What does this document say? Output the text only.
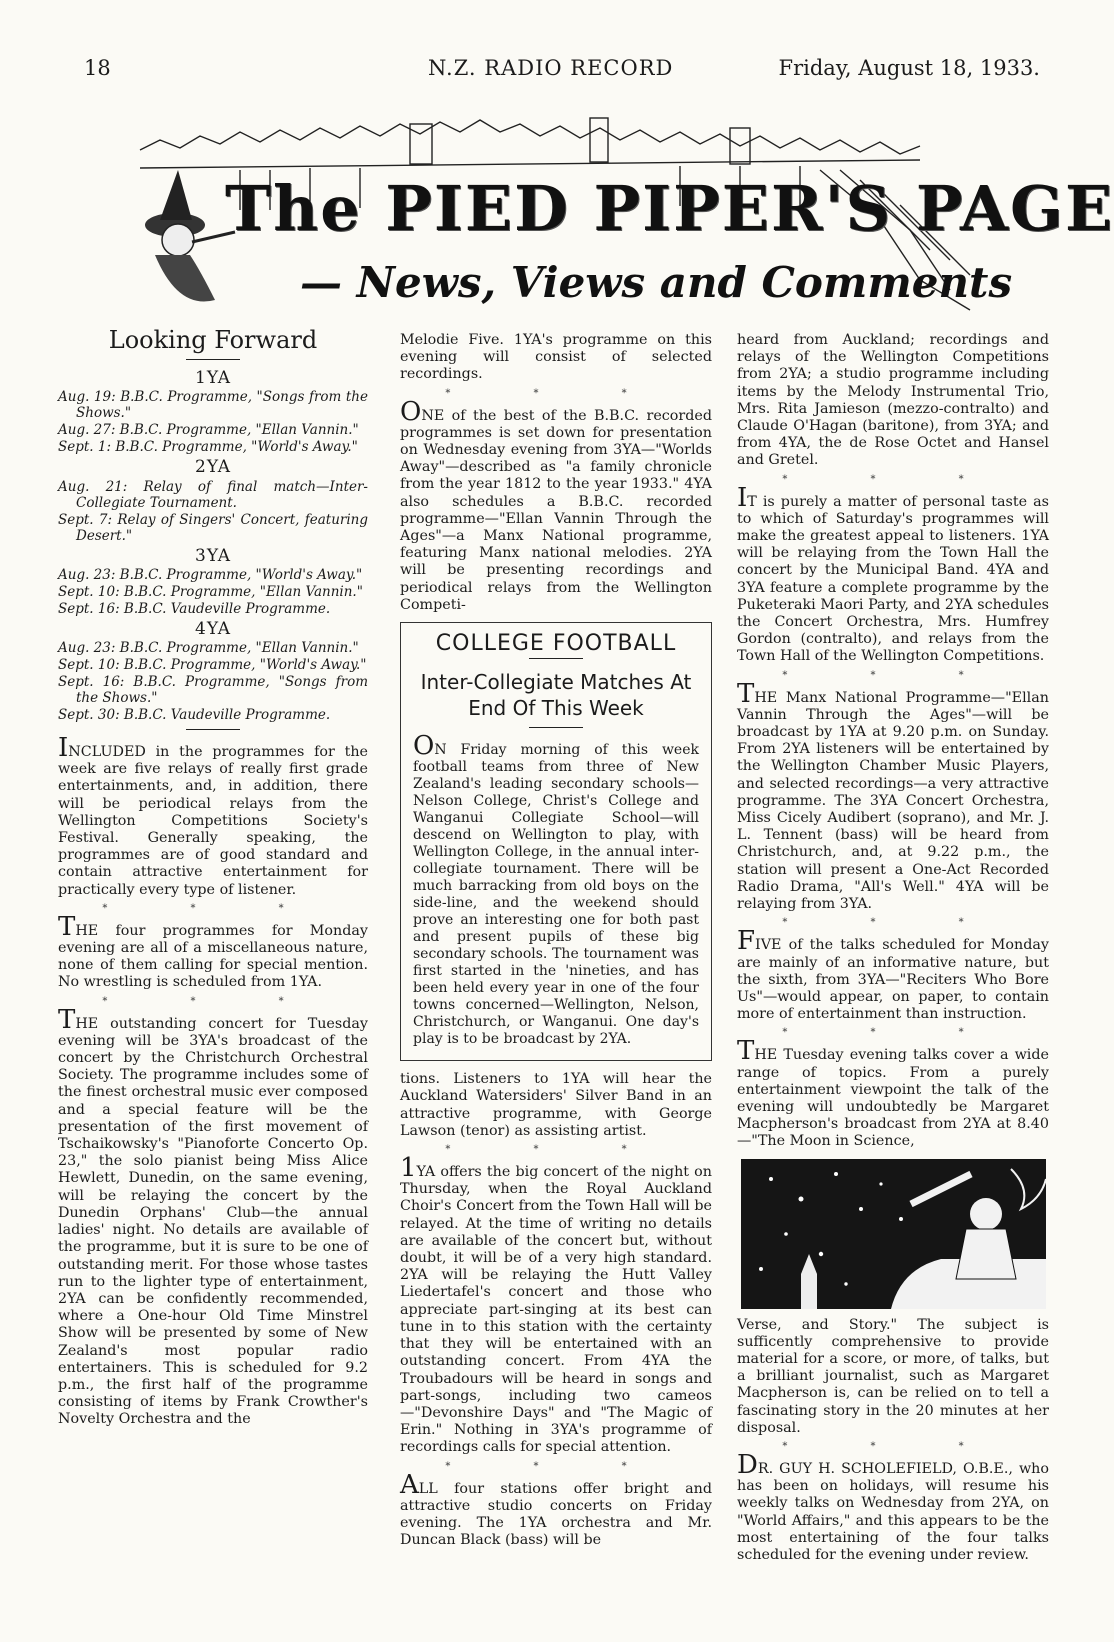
18	N.Z. RADIO RECORD	Friday, August 18, 1933.
The PIED PIPER'S PAGE
— News, Views and Comments
Looking Forward
1YA
Aug. 19: B.B.C. Programme, "Songs from the Shows."
Aug. 27: B.B.C. Programme, "Ellan Vannin."
Sept. 1: B.B.C. Programme, "World's Away."
2YA
Aug. 21: Relay of final match—Inter-Collegiate Tournament.
Sept. 7: Relay of Singers' Concert, featuring Desert."
3YA
Aug. 23: B.B.C. Programme, "World's Away."
Sept. 10: B.B.C. Programme, "Ellan Vannin."
Sept. 16: B.B.C. Vaudeville Programme.
4YA
Aug. 23: B.B.C. Programme, "Ellan Vannin."
Sept. 10: B.B.C. Programme, "World's Away."
Sept. 16: B.B.C. Programme, "Songs from the Shows."
Sept. 30: B.B.C. Vaudeville Programme.

INCLUDED in the programmes for the week are five relays of really first grade entertainments, and, in addition, there will be periodical relays from the Wellington Competitions Society's Festival. Generally speaking, the programmes are of good standard and contain attractive entertainment for practically every type of listener.

* * *

THE four programmes for Monday evening are all of a miscellaneous nature, none of them calling for special mention. No wrestling is scheduled from 1YA.

* * *

THE outstanding concert for Tuesday evening will be 3YA's broadcast of the concert by the Christchurch Orchestral Society. The programme includes some of the finest orchestral music ever composed and a special feature will be the presentation of the first movement of Tschaikowsky's "Pianoforte Concerto Op. 23," the solo pianist being Miss Alice Hewlett, Dunedin, on the same evening, will be relaying the concert by the Dunedin Orphans' Club—the annual ladies' night. No details are available of the programme, but it is sure to be one of outstanding merit. For those whose tastes run to the lighter type of entertainment, 2YA can be confidently recommended, where a One-hour Old Time Minstrel Show will be presented by some of New Zealand's most popular radio entertainers. This is scheduled for 9.2 p.m., the first half of the programme consisting of items by Frank Crowther's Novelty Orchestra and the

Melodie Five. 1YA's programme on this evening will consist of selected recordings.

* * *

ONE of the best of the B.B.C. recorded programmes is set down for presentation on Wednesday evening from 3YA—"Worlds Away"—described as "a family chronicle from the year 1812 to the year 1933." 4YA also schedules a B.B.C. recorded programme—"Ellan Vannin Through the Ages"—a Manx National programme, featuring Manx national melodies. 2YA will be presenting recordings and periodical relays from the Wellington Competi-

COLLEGE FOOTBALL
Inter-Collegiate Matches At End Of This Week
ON Friday morning of this week football teams from three of New Zealand's leading secondary schools—Nelson College, Christ's College and Wanganui Collegiate School—will descend on Wellington to play, with Wellington College, in the annual inter-collegiate tournament. There will be much barracking from old boys on the side-line, and the weekend should prove an interesting one for both past and present pupils of these big secondary schools. The tournament was first started in the 'nineties, and has been held every year in one of the four towns concerned—Wellington, Nelson, Christchurch, or Wanganui. One day's play is to be broadcast by 2YA.

tions. Listeners to 1YA will hear the Auckland Watersiders' Silver Band in an attractive programme, with George Lawson (tenor) as assisting artist.

* * *

1YA offers the big concert of the night on Thursday, when the Royal Auckland Choir's Concert from the Town Hall will be relayed. At the time of writing no details are available of the concert but, without doubt, it will be of a very high standard. 2YA will be relaying the Hutt Valley Liedertafel's concert and those who appreciate part-singing at its best can tune in to this station with the certainty that they will be entertained with an outstanding concert. From 4YA the Troubadours will be heard in songs and part-songs, including two cameos—"Devonshire Days" and "The Magic of Erin." Nothing in 3YA's programme of recordings calls for special attention.

* * *

ALL four stations offer bright and attractive studio concerts on Friday evening. The 1YA orchestra and Mr. Duncan Black (bass) will be

heard from Auckland; recordings and relays of the Wellington Competitions from 2YA; a studio programme including items by the Melody Instrumental Trio, Mrs. Rita Jamieson (mezzo-contralto) and Claude O'Hagan (baritone), from 3YA; and from 4YA, the de Rose Octet and Hansel and Gretel.

* * *

IT is purely a matter of personal taste as to which of Saturday's programmes will make the greatest appeal to listeners. 1YA will be relaying from the Town Hall the concert by the Municipal Band. 4YA and 3YA feature a complete programme by the Puketeraki Maori Party, and 2YA schedules the Concert Orchestra, Mrs. Humfrey Gordon (contralto), and relays from the Town Hall of the Wellington Competitions.

* * *

THE Manx National Programme—"Ellan Vannin Through the Ages"—will be broadcast by 1YA at 9.20 p.m. on Sunday. From 2YA listeners will be entertained by the Wellington Chamber Music Players, and selected recordings—a very attractive programme. The 3YA Concert Orchestra, Miss Cicely Audibert (soprano), and Mr. J. L. Tennent (bass) will be heard from Christchurch, and, at 9.22 p.m., the station will present a One-Act Recorded Radio Drama, "All's Well." 4YA will be relaying from 3YA.

* * *

FIVE of the talks scheduled for Monday are mainly of an informative nature, but the sixth, from 3YA—"Reciters Who Bore Us"—would appear, on paper, to contain more of entertainment than instruction.

* * *

THE Tuesday evening talks cover a wide range of topics. From a purely entertainment viewpoint the talk of the evening will undoubtedly be Margaret Macpherson's broadcast from 2YA at 8.40—"The Moon in Science,

Verse, and Story." The subject is sufficently comprehensive to provide material for a score, or more, of talks, but a brilliant journalist, such as Margaret Macpherson is, can be relied on to tell a fascinating story in the 20 minutes at her disposal.

* * *

DR. GUY H. SCHOLEFIELD, O.B.E., who has been on holidays, will resume his weekly talks on Wednesday from 2YA, on "World Affairs," and this appears to be the most entertaining of the four talks scheduled for the evening under review.
